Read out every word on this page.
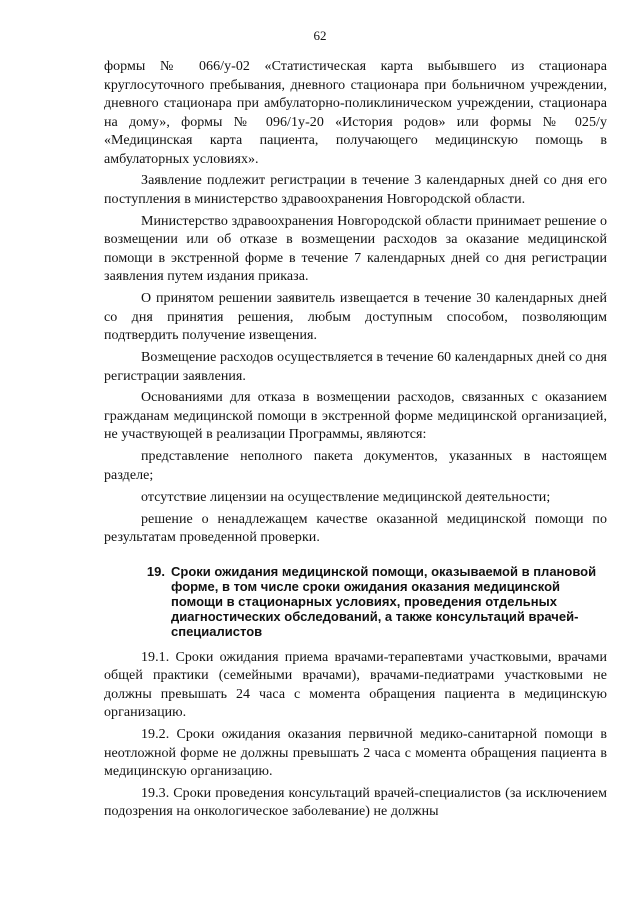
62

формы № 066/у-02 «Статистическая карта выбывшего из стационара круглосуточного пребывания, дневного стационара при больничном учреждении, дневного стационара при амбулаторно-поликлиническом учреждении, стационара на дому», формы № 096/1у-20 «История родов» или формы № 025/у «Медицинская карта пациента, получающего медицинскую помощь в амбулаторных условиях».

Заявление подлежит регистрации в течение 3 календарных дней со дня его поступления в министерство здравоохранения Новгородской области.

Министерство здравоохранения Новгородской области принимает решение о возмещении или об отказе в возмещении расходов за оказание медицинской помощи в экстренной форме в течение 7 календарных дней со дня регистрации заявления путем издания приказа.

О принятом решении заявитель извещается в течение 30 календарных дней со дня принятия решения, любым доступным способом, позволяющим подтвердить получение извещения.

Возмещение расходов осуществляется в течение 60 календарных дней со дня регистрации заявления.

Основаниями для отказа в возмещении расходов, связанных с оказанием гражданам медицинской помощи в экстренной форме медицинской организацией, не участвующей в реализации Программы, являются:

представление неполного пакета документов, указанных в настоящем разделе;

отсутствие лицензии на осуществление медицинской деятельности;

решение о ненадлежащем качестве оказанной медицинской помощи по результатам проведенной проверки.

19. Сроки ожидания медицинской помощи, оказываемой в плановой форме, в том числе сроки ожидания оказания медицинской помощи в стационарных условиях, проведения отдельных диагностических обследований, а также консультаций врачей-специалистов

19.1. Сроки ожидания приема врачами-терапевтами участковыми, врачами общей практики (семейными врачами), врачами-педиатрами участковыми не должны превышать 24 часа с момента обращения пациента в медицинскую организацию.

19.2. Сроки ожидания оказания первичной медико-санитарной помощи в неотложной форме не должны превышать 2 часа с момента обращения пациента в медицинскую организацию.

19.3. Сроки проведения консультаций врачей-специалистов (за исключением подозрения на онкологическое заболевание) не должны
